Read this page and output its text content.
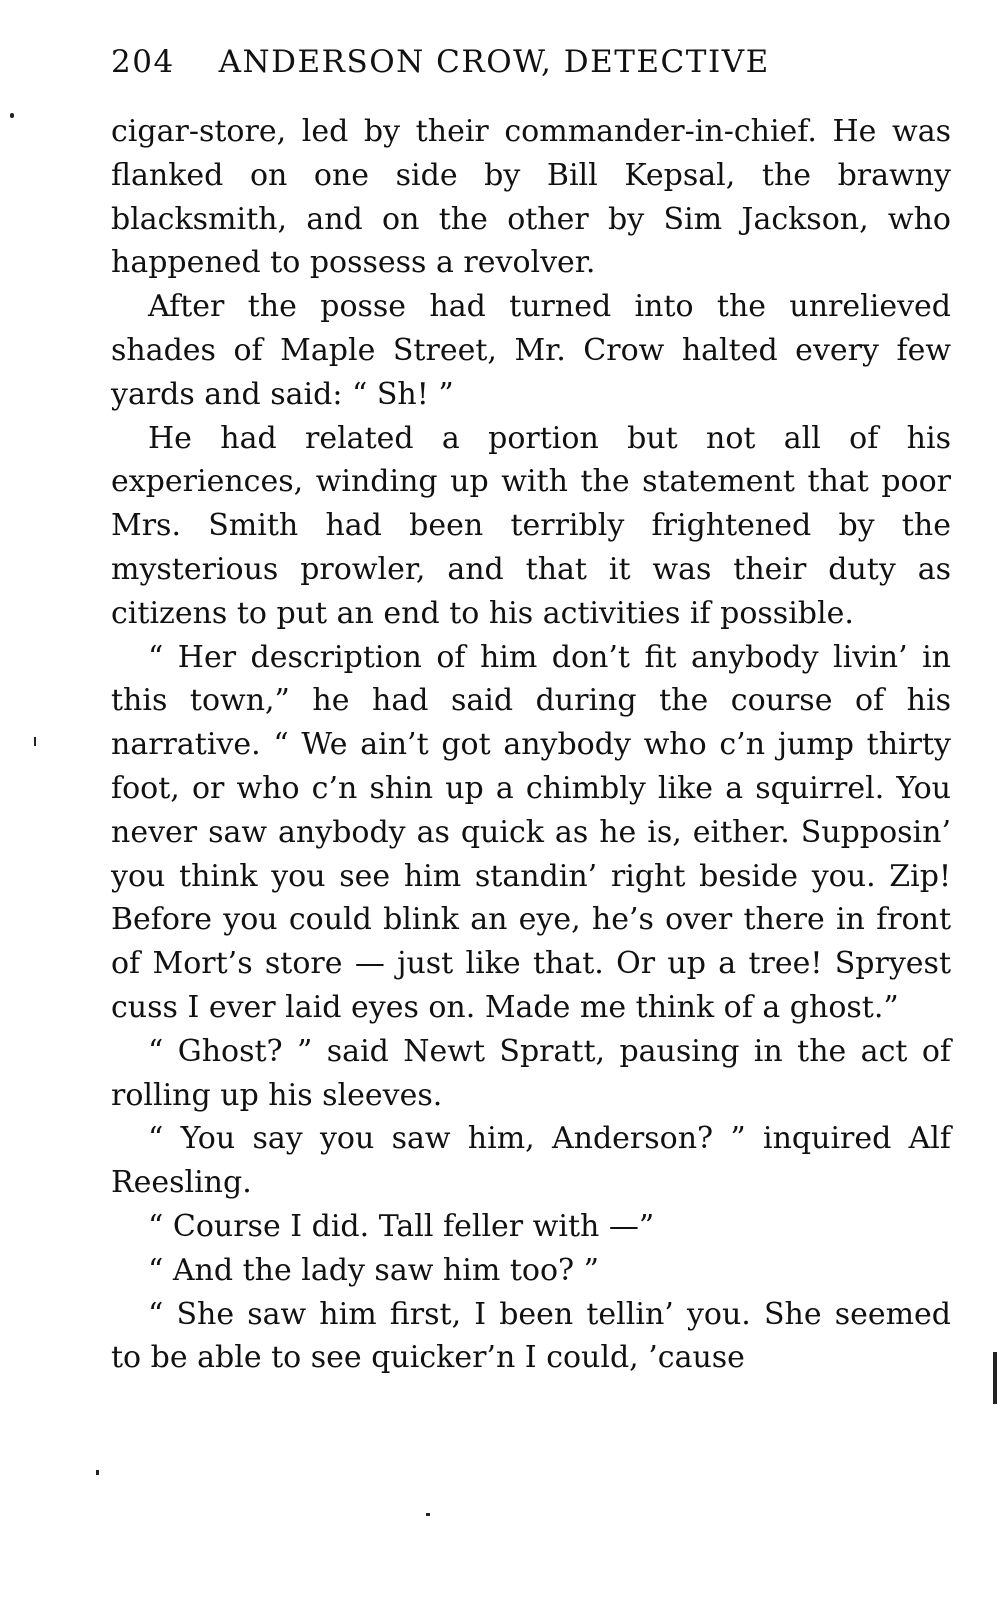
204 ANDERSON CROW, DETECTIVE

cigar-store, led by their commander-in-chief. He was flanked on one side by Bill Kepsal, the brawny blacksmith, and on the other by Sim Jackson, who happened to possess a revolver.

After the posse had turned into the unrelieved shades of Maple Street, Mr. Crow halted every few yards and said: “ Sh! ”

He had related a portion but not all of his experiences, winding up with the statement that poor Mrs. Smith had been terribly frightened by the mysterious prowler, and that it was their duty as citizens to put an end to his activities if possible.

“ Her description of him don’t fit anybody livin’ in this town,” he had said during the course of his narrative. “ We ain’t got anybody who c’n jump thirty foot, or who c’n shin up a chimbly like a squirrel. You never saw anybody as quick as he is, either. Supposin’ you think you see him standin’ right beside you. Zip! Before you could blink an eye, he’s over there in front of Mort’s store — just like that. Or up a tree! Spryest cuss I ever laid eyes on. Made me think of a ghost.”

“ Ghost? ” said Newt Spratt, pausing in the act of rolling up his sleeves.

“ You say you saw him, Anderson? ” inquired Alf Reesling.

“ Course I did. Tall feller with —”

“ And the lady saw him too? ”

“ She saw him first, I been tellin’ you. She seemed to be able to see quicker’n I could, ’cause
